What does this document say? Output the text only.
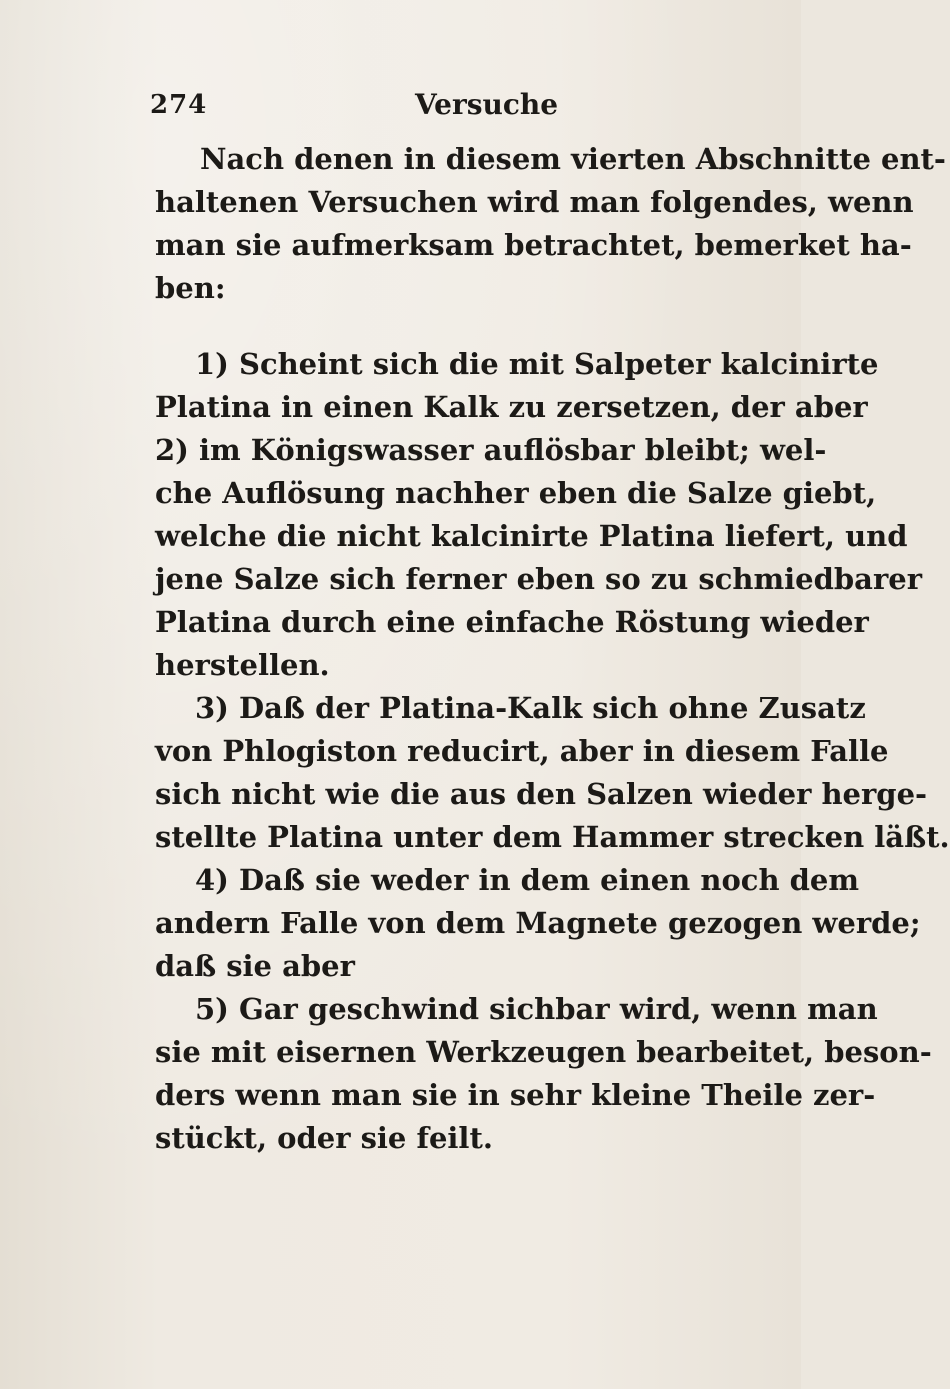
274	Versuche
Nach denen in diesem vierten Abschnitte ent-
haltenen Versuchen wird man folgendes, wenn
man sie aufmerksam betrachtet, bemerket ha-
ben:
1) Scheint sich die mit Salpeter kalcinirte
Platina in einen Kalk zu zersetzen, der aber
2) im Königswasser auflösbar bleibt; wel-
che Auflösung nachher eben die Salze giebt,
welche die nicht kalcinirte Platina liefert, und
jene Salze sich ferner eben so zu schmiedbarer
Platina durch eine einfache Röstung wieder
herstellen.
3) Daß der Platina-Kalk sich ohne Zusatz
von Phlogiston reducirt, aber in diesem Falle
sich nicht wie die aus den Salzen wieder herge-
stellte Platina unter dem Hammer strecken läßt.
4) Daß sie weder in dem einen noch dem
andern Falle von dem Magnete gezogen werde;
daß sie aber
5) Gar geschwind sichbar wird, wenn man
sie mit eisernen Werkzeugen bearbeitet, beson-
ders wenn man sie in sehr kleine Theile zer-
stückt, oder sie feilt.
